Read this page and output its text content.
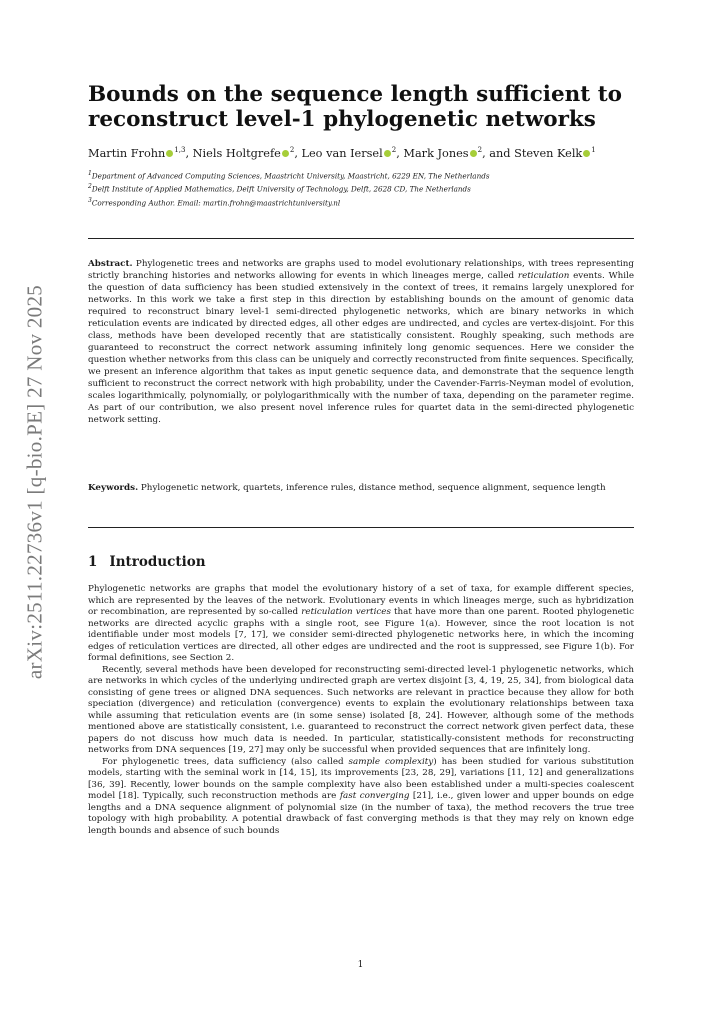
arXiv:2511.22736v1 [q-bio.PE] 27 Nov 2025
Bounds on the sequence length sufficient to reconstruct level-1 phylogenetic networks
Martin Frohn $^{1,3}$, Niels Holtgrefe $^2$, Leo van Iersel $^2$, Mark Jones $^2$, and Steven Kelk $^1$
$^1$Department of Advanced Computing Sciences, Maastricht University, Maastricht, 6229 EN, The Netherlands
$^2$Delft Institute of Applied Mathematics, Delft University of Technology, Delft, 2628 CD, The Netherlands
$^3$Corresponding Author. Email: martin.frohn@maastrichtuniversity.nl
Abstract. Phylogenetic trees and networks are graphs used to model evolutionary relationships, with trees representing strictly branching histories and networks allowing for events in which lineages merge, called reticulation events. While the question of data sufficiency has been studied extensively in the context of trees, it remains largely unexplored for networks. In this work we take a first step in this direction by establishing bounds on the amount of genomic data required to reconstruct binary level-1 semi-directed phylogenetic networks, which are binary networks in which reticulation events are indicated by directed edges, all other edges are undirected, and cycles are vertex-disjoint. For this class, methods have been developed recently that are statistically consistent. Roughly speaking, such methods are guaranteed to reconstruct the correct network assuming infinitely long genomic sequences. Here we consider the question whether networks from this class can be uniquely and correctly reconstructed from finite sequences. Specifically, we present an inference algorithm that takes as input genetic sequence data, and demonstrate that the sequence length sufficient to reconstruct the correct network with high probability, under the Cavender-Farris-Neyman model of evolution, scales logarithmically, polynomially, or polylogarithmically with the number of taxa, depending on the parameter regime. As part of our contribution, we also present novel inference rules for quartet data in the semi-directed phylogenetic network setting.
Keywords. Phylogenetic network, quartets, inference rules, distance method, sequence alignment, sequence length
1 Introduction

Phylogenetic networks are graphs that model the evolutionary history of a set of taxa, for example different species, which are represented by the leaves of the network. Evolutionary events in which lineages merge, such as hybridization or recombination, are represented by so-called reticulation vertices that have more than one parent. Rooted phylogenetic networks are directed acyclic graphs with a single root, see Figure 1(a). However, since the root location is not identifiable under most models [7, 17], we consider semi-directed phylogenetic networks here, in which the incoming edges of reticulation vertices are directed, all other edges are undirected and the root is suppressed, see Figure 1(b). For formal definitions, see Section 2.

Recently, several methods have been developed for reconstructing semi-directed level-1 phylogenetic networks, which are networks in which cycles of the underlying undirected graph are vertex disjoint [3, 4, 19, 25, 34], from biological data consisting of gene trees or aligned DNA sequences. Such networks are relevant in practice because they allow for both speciation (divergence) and reticulation (convergence) events to explain the evolutionary relationships between taxa while assuming that reticulation events are (in some sense) isolated [8, 24]. However, although some of the methods mentioned above are statistically consistent, i.e. guaranteed to reconstruct the correct network given perfect data, these papers do not discuss how much data is needed. In particular, statistically-consistent methods for reconstructing networks from DNA sequences [19, 27] may only be successful when provided sequences that are infinitely long.

For phylogenetic trees, data sufficiency (also called sample complexity) has been studied for various substitution models, starting with the seminal work in [14, 15], its improvements [23, 28, 29], variations [11, 12] and generalizations [36, 39]. Recently, lower bounds on the sample complexity have also been established under a multi-species coalescent model [18]. Typically, such reconstruction methods are fast converging [21], i.e., given lower and upper bounds on edge lengths and a DNA sequence alignment of polynomial size (in the number of taxa), the method recovers the true tree topology with high probability. A potential drawback of fast converging methods is that they may rely on known edge length bounds and absence of such bounds

1
